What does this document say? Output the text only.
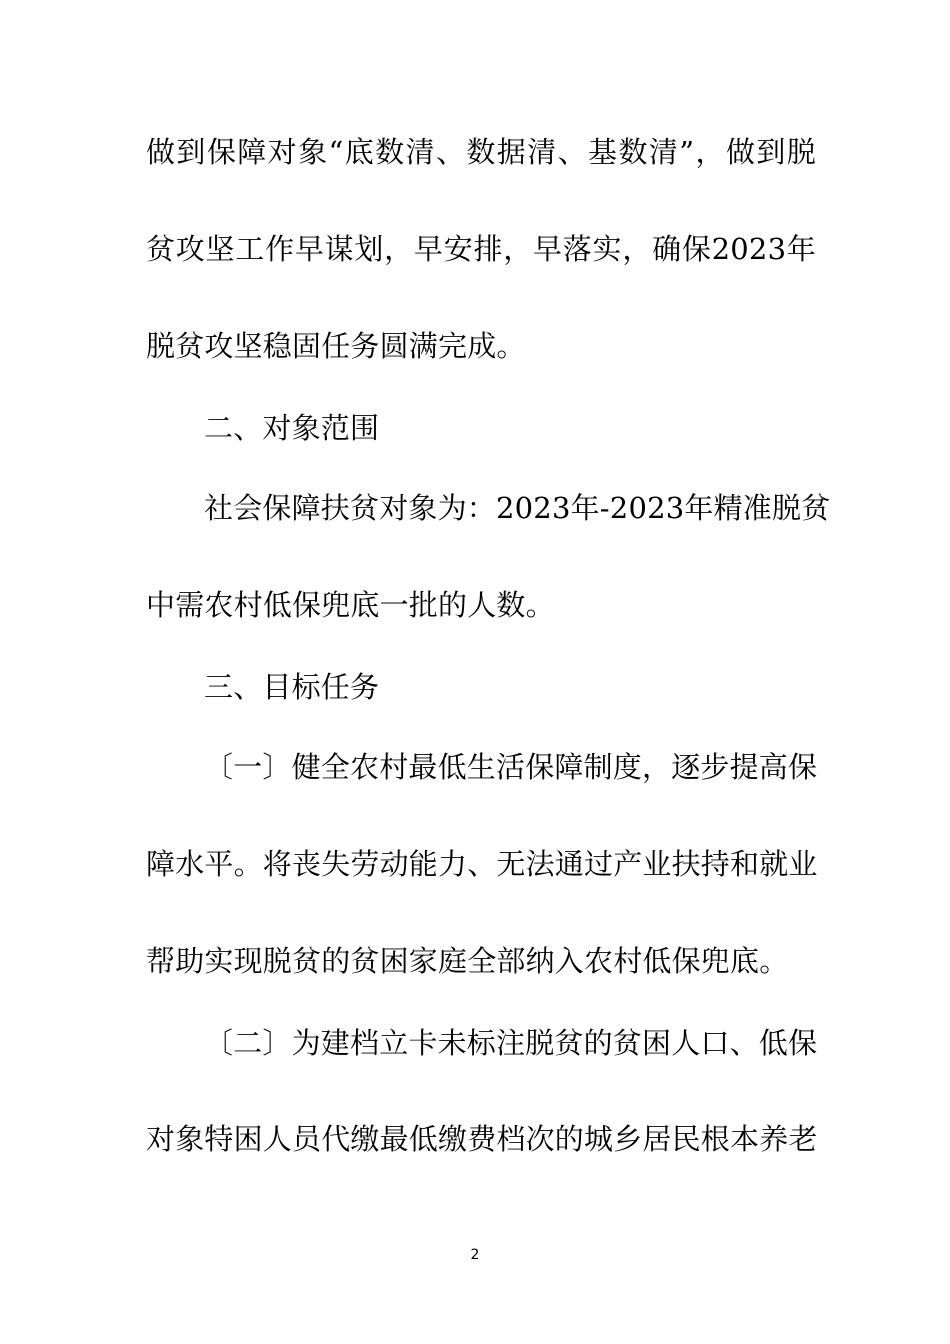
做到保障对象“底数清、数据清、基数清”，做到脱
贫攻坚工作早谋划，早安排，早落实，确保2023年
脱贫攻坚稳固任务圆满完成。
二、对象范围
社会保障扶贫对象为：2023年-2023年精准脱贫
中需农村低保兜底一批的人数。
三、目标任务
〔一〕健全农村最低生活保障制度，逐步提高保
障水平。将丧失劳动能力、无法通过产业扶持和就业
帮助实现脱贫的贫困家庭全部纳入农村低保兜底。
〔二〕为建档立卡未标注脱贫的贫困人口、低保
对象特困人员代缴最低缴费档次的城乡居民根本养老
2
